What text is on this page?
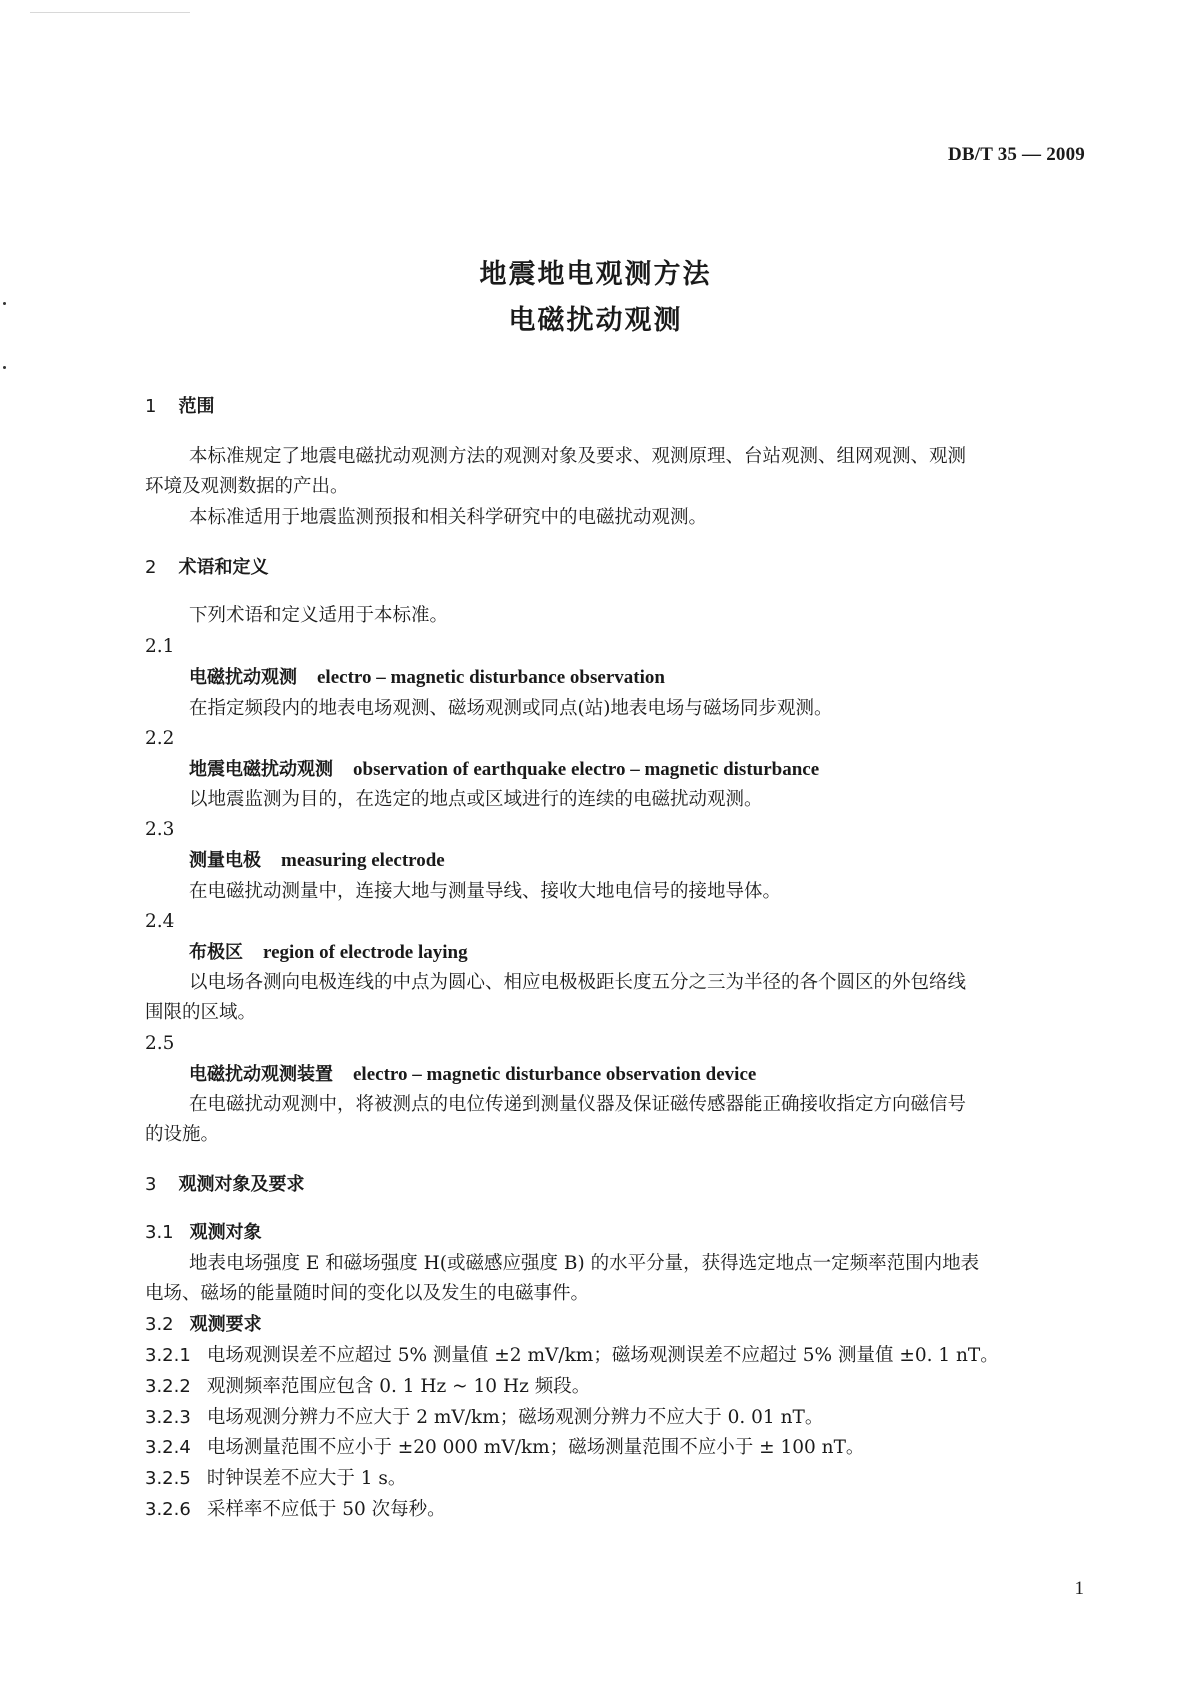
DB/T 35 — 2009
地震地电观测方法
电磁扰动观测
1 范围
本标准规定了地震电磁扰动观测方法的观测对象及要求、观测原理、台站观测、组网观测、观测
环境及观测数据的产出。
本标准适用于地震监测预报和相关科学研究中的电磁扰动观测。
2 术语和定义
下列术语和定义适用于本标准。
2.1
电磁扰动观测 electro – magnetic disturbance observation
在指定频段内的地表电场观测、磁场观测或同点(站)地表电场与磁场同步观测。
2.2
地震电磁扰动观测 observation of earthquake electro – magnetic disturbance
以地震监测为目的，在选定的地点或区域进行的连续的电磁扰动观测。
2.3
测量电极 measuring electrode
在电磁扰动测量中，连接大地与测量导线、接收大地电信号的接地导体。
2.4
布极区 region of electrode laying
以电场各测向电极连线的中点为圆心、相应电极极距长度五分之三为半径的各个圆区的外包络线
围限的区域。
2.5
电磁扰动观测装置 electro – magnetic disturbance observation device
在电磁扰动观测中，将被测点的电位传递到测量仪器及保证磁传感器能正确接收指定方向磁信号
的设施。
3 观测对象及要求
3.1 观测对象
地表电场强度 E 和磁场强度 H(或磁感应强度 B) 的水平分量，获得选定地点一定频率范围内地表
电场、磁场的能量随时间的变化以及发生的电磁事件。
3.2 观测要求
3.2.1 电场观测误差不应超过 5% 测量值 ±2 mV/km；磁场观测误差不应超过 5% 测量值 ±0. 1 nT。
3.2.2 观测频率范围应包含 0. 1 Hz ~ 10 Hz 频段。
3.2.3 电场观测分辨力不应大于 2 mV/km；磁场观测分辨力不应大于 0. 01 nT。
3.2.4 电场测量范围不应小于 ±20 000 mV/km；磁场测量范围不应小于 ± 100 nT。
3.2.5 时钟误差不应大于 1 s。
3.2.6 采样率不应低于 50 次每秒。
1
